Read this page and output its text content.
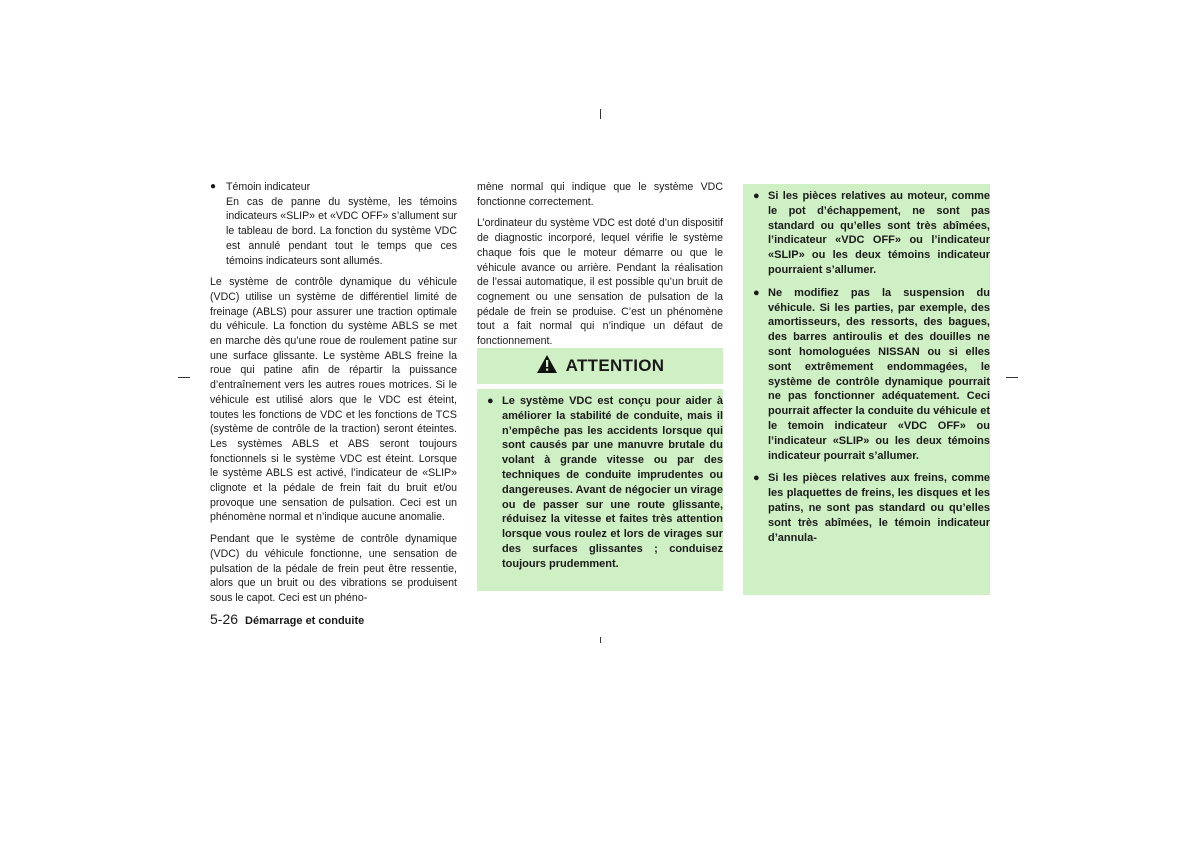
● Témoin indicateur

En cas de panne du système, les témoins indicateurs «SLIP» et «VDC OFF» s’allument sur le tableau de bord. La fonction du système VDC est annulé pendant tout le temps que ces témoins indicateurs sont allumés.

Le système de contrôle dynamique du véhicule (VDC) utilise un système de différentiel limité de freinage (ABLS) pour assurer une traction optimale du véhicule. La fonction du système ABLS se met en marche dès qu’une roue de roulement patine sur une surface glissante. Le système ABLS freine la roue qui patine afin de répartir la puissance d’entraînement vers les autres roues motrices. Si le véhicule est utilisé alors que le VDC est éteint, toutes les fonctions de VDC et les fonctions de TCS (système de contrôle de la traction) seront éteintes. Les systèmes ABLS et ABS seront toujours fonctionnels si le système VDC est éteint. Lorsque le système ABLS est activé, l’indicateur de «SLIP» clignote et la pédale de frein fait du bruit et/ou provoque une sensation de pulsation. Ceci est un phénomène normal et n’indique aucune anomalie.

Pendant que le système de contrôle dynamique (VDC) du véhicule fonctionne, une sensation de pulsation de la pédale de frein peut être ressentie, alors que un bruit ou des vibrations se produisent sous le capot. Ceci est un phéno-

mène normal qui indique que le système VDC fonctionne correctement.

L’ordinateur du système VDC est doté d’un dispositif de diagnostic incorporé, lequel vérifie le système chaque fois que le moteur démarre ou que le véhicule avance ou arrière. Pendant la réalisation de l’essai automatique, il est possible qu’un bruit de cognement ou une sensation de pulsation de la pédale de frein se produise. C’est un phénomène tout a fait normal qui n’indique un défaut de fonctionnement.

ATTENTION
● Le système VDC est conçu pour aider à améliorer la stabilité de conduite, mais il n’empêche pas les accidents lorsque qui sont causés par une manuvre brutale du volant à grande vitesse ou par des techniques de conduite imprudentes ou dangereuses. Avant de négocier un virage ou de passer sur une route glissante, réduisez la vitesse et faites très attention lorsque vous roulez et lors de virages sur des surfaces glissantes ; conduisez toujours prudemment.
● Si les pièces relatives au moteur, comme le pot d’échappement, ne sont pas standard ou qu’elles sont très abîmées, l’indicateur «VDC OFF» ou l’indicateur «SLIP» ou les deux témoins indicateur pourraient s’allumer.
● Ne modifiez pas la suspension du véhicule. Si les parties, par exemple, des amortisseurs, des ressorts, des bagues, des barres antiroulis et des douilles ne sont homologuées NISSAN ou si elles sont extrêmement endommagées, le système de contrôle dynamique pourrait ne pas fonctionner adéquatement. Ceci pourrait affecter la conduite du véhicule et le temoin indicateur «VDC OFF» ou l’indicateur «SLIP» ou les deux témoins indicateur pourrait s’allumer.
● Si les pièces relatives aux freins, comme les plaquettes de freins, les disques et les patins, ne sont pas standard ou qu’elles sont très abîmées, le témoin indicateur d’annula-
5-26 Démarrage et conduite
